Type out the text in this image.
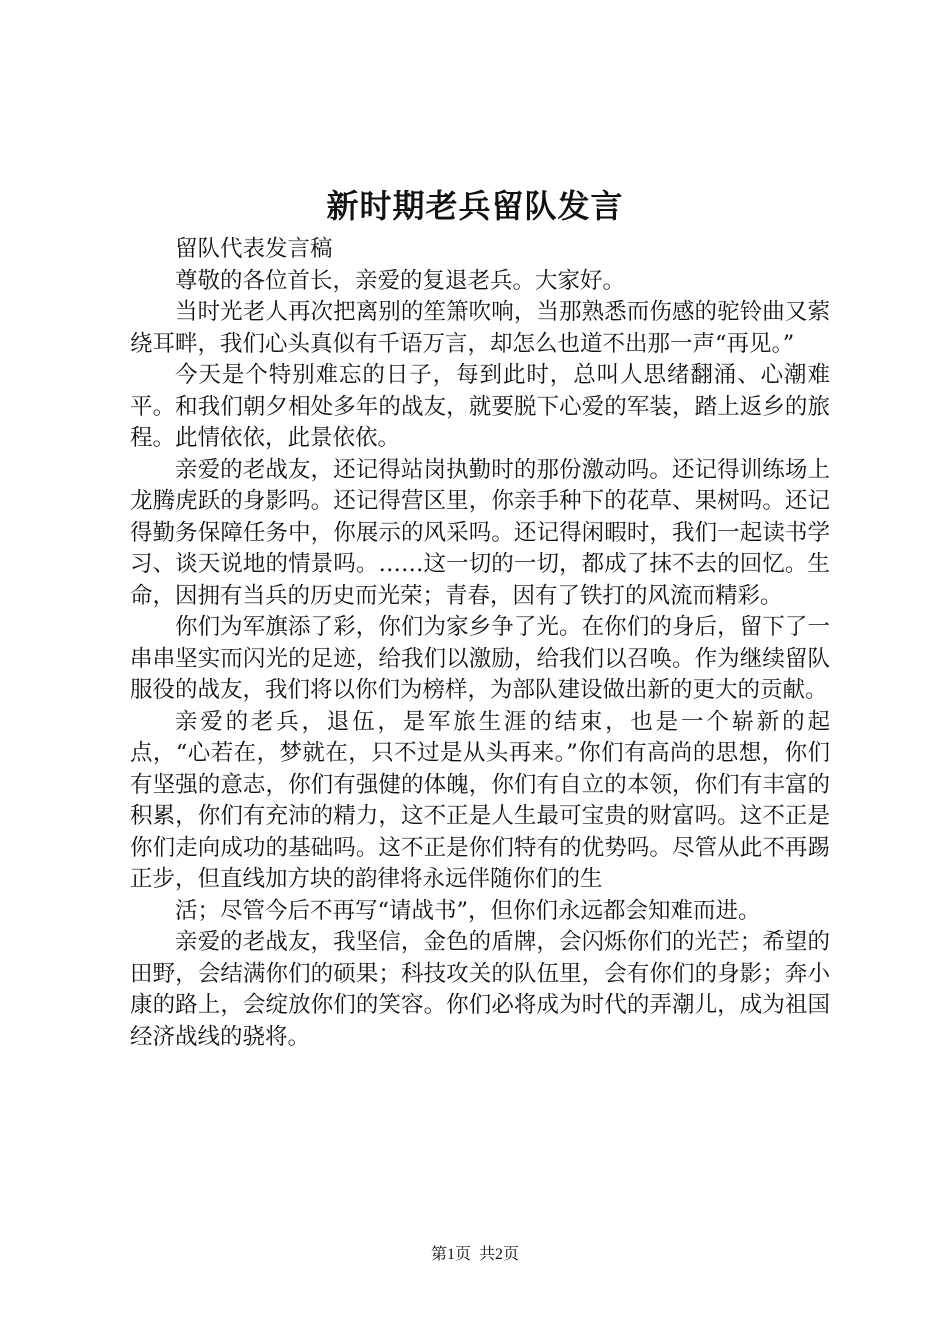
新时期老兵留队发言

留队代表发言稿

尊敬的各位首长，亲爱的复退老兵。大家好。

当时光老人再次把离别的笙箫吹响，当那熟悉而伤感的驼铃曲又萦绕耳畔，我们心头真似有千语万言，却怎么也道不出那一声“再见。”

今天是个特别难忘的日子，每到此时，总叫人思绪翻涌、心潮难平。和我们朝夕相处多年的战友，就要脱下心爱的军装，踏上返乡的旅程。此情依依，此景依依。

亲爱的老战友，还记得站岗执勤时的那份激动吗。还记得训练场上龙腾虎跃的身影吗。还记得营区里，你亲手种下的花草、果树吗。还记得勤务保障任务中，你展示的风采吗。还记得闲暇时，我们一起读书学习、谈天说地的情景吗。……这一切的一切，都成了抹不去的回忆。生命，因拥有当兵的历史而光荣；青春，因有了铁打的风流而精彩。

你们为军旗添了彩，你们为家乡争了光。在你们的身后，留下了一串串坚实而闪光的足迹，给我们以激励，给我们以召唤。作为继续留队服役的战友，我们将以你们为榜样，为部队建设做出新的更大的贡献。

亲爱的老兵，退伍，是军旅生涯的结束，也是一个崭新的起点，“心若在，梦就在，只不过是从头再来。”你们有高尚的思想，你们有坚强的意志，你们有强健的体魄，你们有自立的本领，你们有丰富的积累，你们有充沛的精力，这不正是人生最可宝贵的财富吗。这不正是你们走向成功的基础吗。这不正是你们特有的优势吗。尽管从此不再踢正步，但直线加方块的韵律将永远伴随你们的生

活；尽管今后不再写“请战书”，但你们永远都会知难而进。

亲爱的老战友，我坚信，金色的盾牌，会闪烁你们的光芒；希望的田野，会结满你们的硕果；科技攻关的队伍里，会有你们的身影；奔小康的路上，会绽放你们的笑容。你们必将成为时代的弄潮儿，成为祖国经济战线的骁将。

第1页 共2页
